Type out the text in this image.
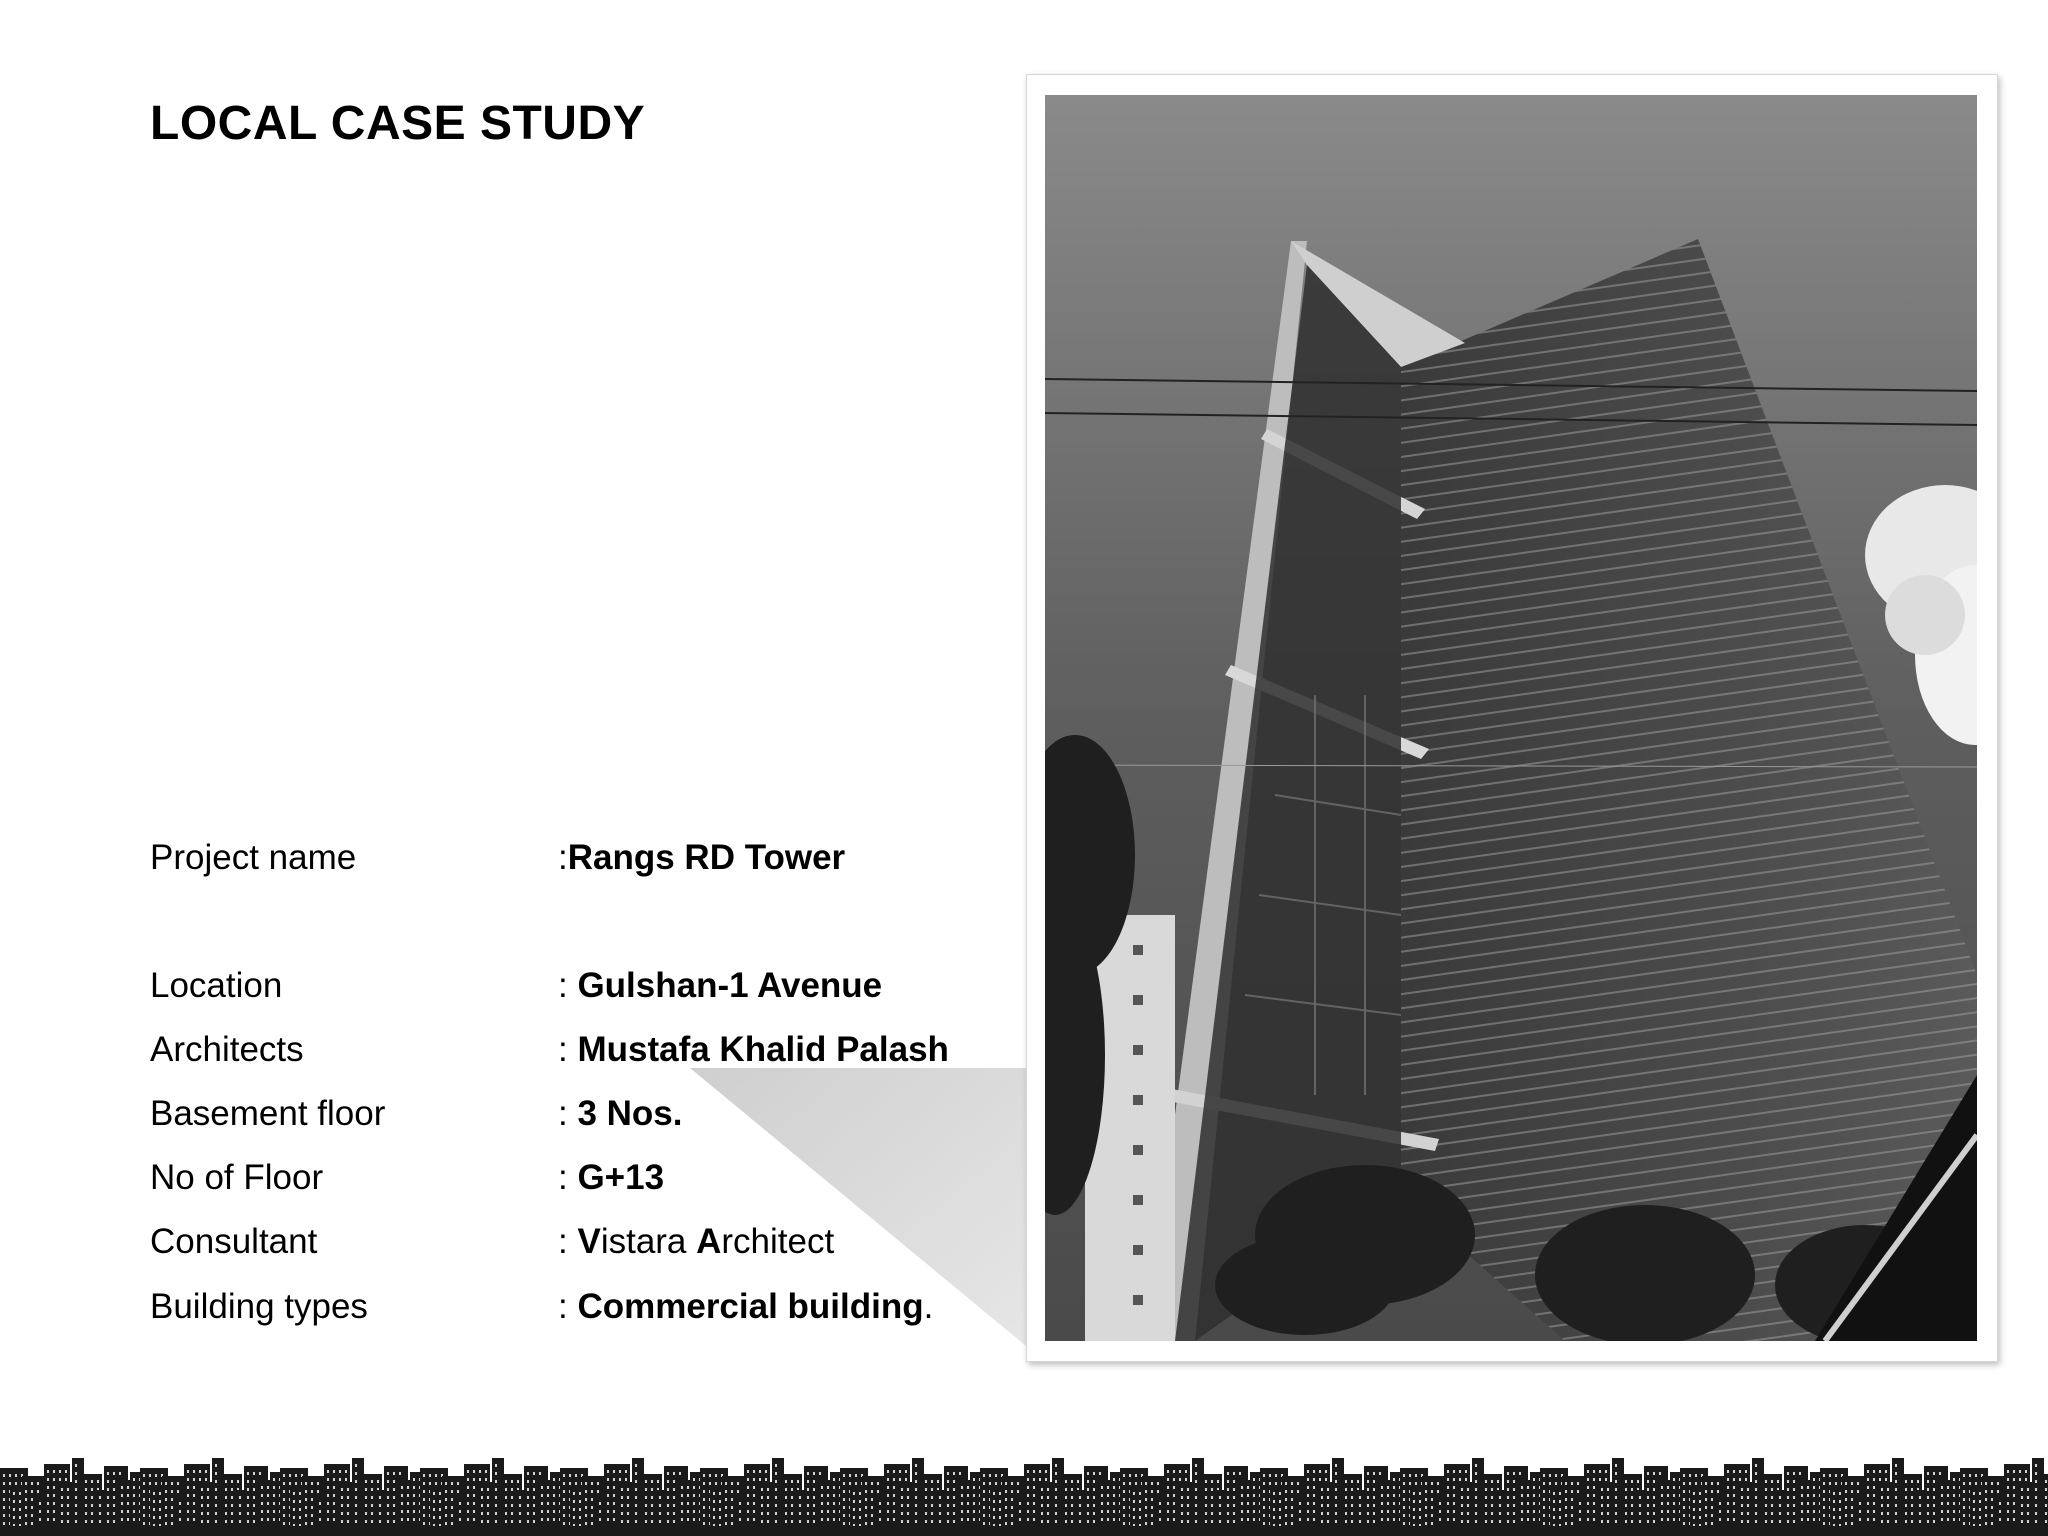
LOCAL CASE STUDY
Project name	:Rangs RD Tower
Location	: Gulshan-1 Avenue
Architects	: Mustafa Khalid Palash
Basement floor	: 3 Nos.
No of Floor	: G+13
Consultant	: Vistara Architect
Building types	: Commercial building.
